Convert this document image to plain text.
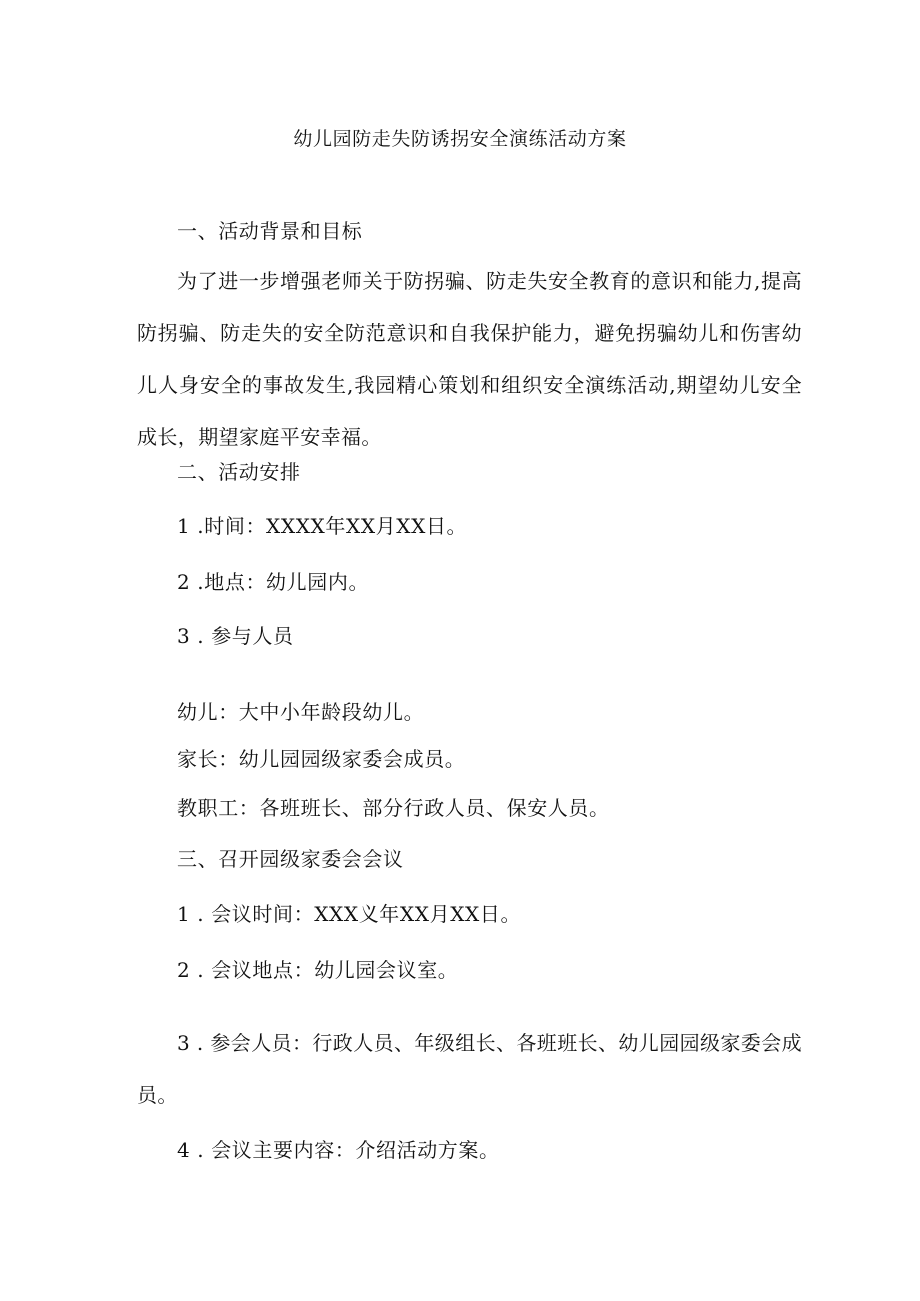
幼儿园防走失防诱拐安全演练活动方案
一、活动背景和目标
为了进一步增强老师关于防拐骗、防走失安全教育的意识和能力,提高防拐骗、防走失的安全防范意识和自我保护能力，避免拐骗幼儿和伤害幼儿人身安全的事故发生,我园精心策划和组织安全演练活动,期望幼儿安全成长，期望家庭平安幸福。
二、活动安排
1 .时间：XXXX年XX月XX日。
2 .地点：幼儿园内。
3 . 参与人员
幼儿：大中小年龄段幼儿。
家长：幼儿园园级家委会成员。
教职工：各班班长、部分行政人员、保安人员。
三、召开园级家委会会议
1 . 会议时间：XXX义年XX月XX日。
2 . 会议地点：幼儿园会议室。
3 . 参会人员：行政人员、年级组长、各班班长、幼儿园园级家委会成员。
4 . 会议主要内容：介绍活动方案。
